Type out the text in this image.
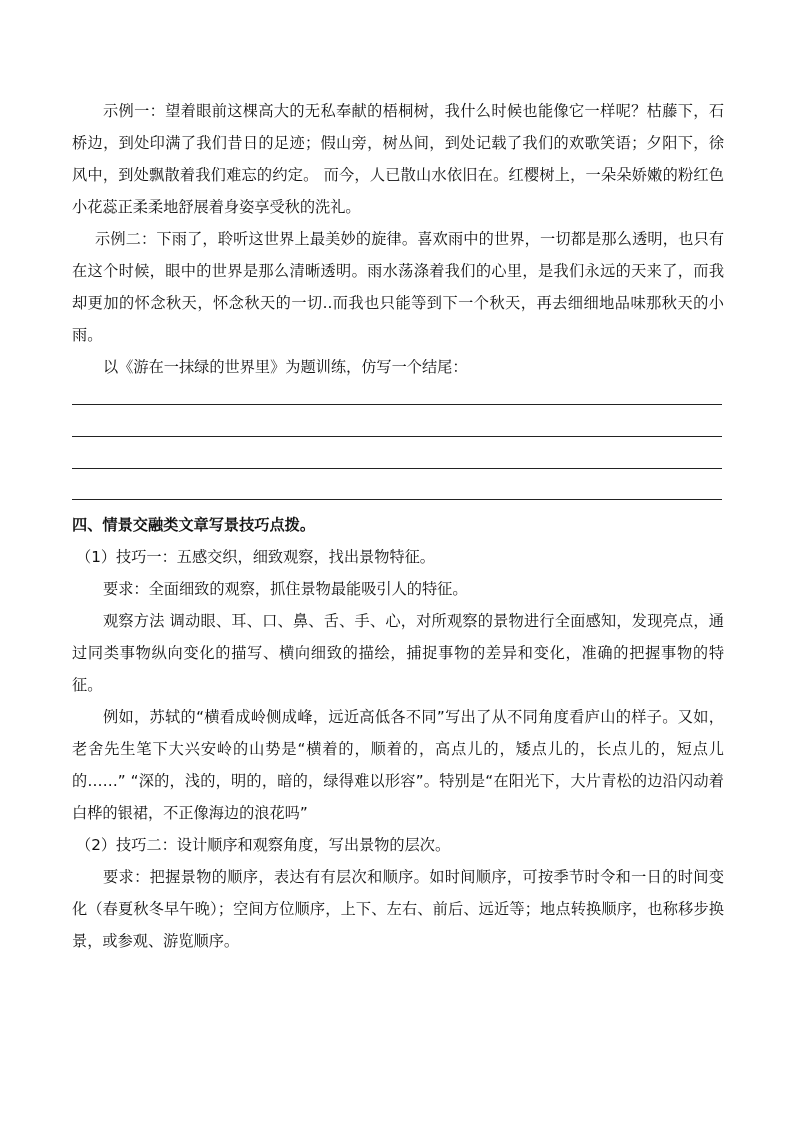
示例一：望着眼前这棵高大的无私奉献的梧桐树，我什么时候也能像它一样呢？枯藤下，石桥边，到处印满了我们昔日的足迹；假山旁，树丛间，到处记载了我们的欢歌笑语；夕阳下，徐风中，到处飘散着我们难忘的约定。 而今，人已散山水依旧在。红樱树上，一朵朵娇嫩的粉红色小花蕊正柔柔地舒展着身姿享受秋的洗礼。

示例二：下雨了，聆听这世界上最美妙的旋律。喜欢雨中的世界，一切都是那么透明，也只有在这个时候，眼中的世界是那么清晰透明。雨水荡涤着我们的心里，是我们永远的天来了，而我却更加的怀念秋天，怀念秋天的一切..而我也只能等到下一个秋天，再去细细地品味那秋天的小雨。

以《游在一抹绿的世界里》为题训练，仿写一个结尾：

四、情景交融类文章写景技巧点拨。

（1）技巧一：五感交织，细致观察，找出景物特征。

要求：全面细致的观察，抓住景物最能吸引人的特征。

观察方法 调动眼、耳、口、鼻、舌、手、心，对所观察的景物进行全面感知，发现亮点，通过同类事物纵向变化的描写、横向细致的描绘，捕捉事物的差异和变化，准确的把握事物的特征。

例如，苏轼的“横看成岭侧成峰，远近高低各不同”写出了从不同角度看庐山的样子。又如，老舍先生笔下大兴安岭的山势是“横着的，顺着的，高点儿的，矮点儿的，长点儿的，短点儿的……” “深的，浅的，明的，暗的，绿得难以形容”。特别是“在阳光下，大片青松的边沿闪动着白桦的银裙，不正像海边的浪花吗”

（2）技巧二：设计顺序和观察角度，写出景物的层次。

要求：把握景物的顺序，表达有有层次和顺序。如时间顺序，可按季节时令和一日的时间变化（春夏秋冬早午晚）；空间方位顺序，上下、左右、前后、远近等；地点转换顺序，也称移步换景，或参观、游览顺序。
